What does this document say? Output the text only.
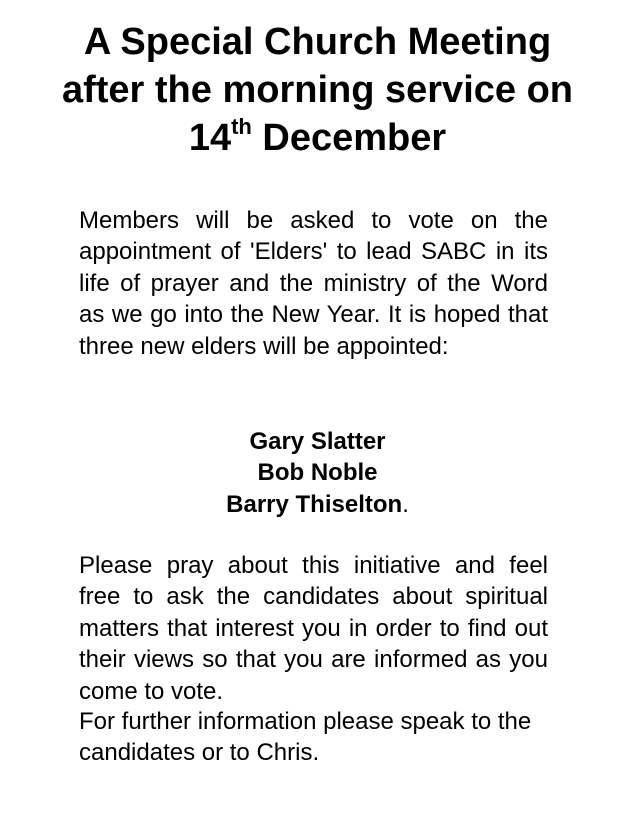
A Special Church Meeting
after the morning service on
14th December

Members will be asked to vote on the appointment of 'Elders' to lead SABC in its life of prayer and the ministry of the Word as we go into the New Year. It is hoped that three new elders will be appointed:

Gary Slatter
Bob Noble
Barry Thiselton.

Please pray about this initiative and feel free to ask the candidates about spiritual matters that interest you in order to find out their views so that you are informed as you come to vote.

For further information please speak to the candidates or to Chris.
